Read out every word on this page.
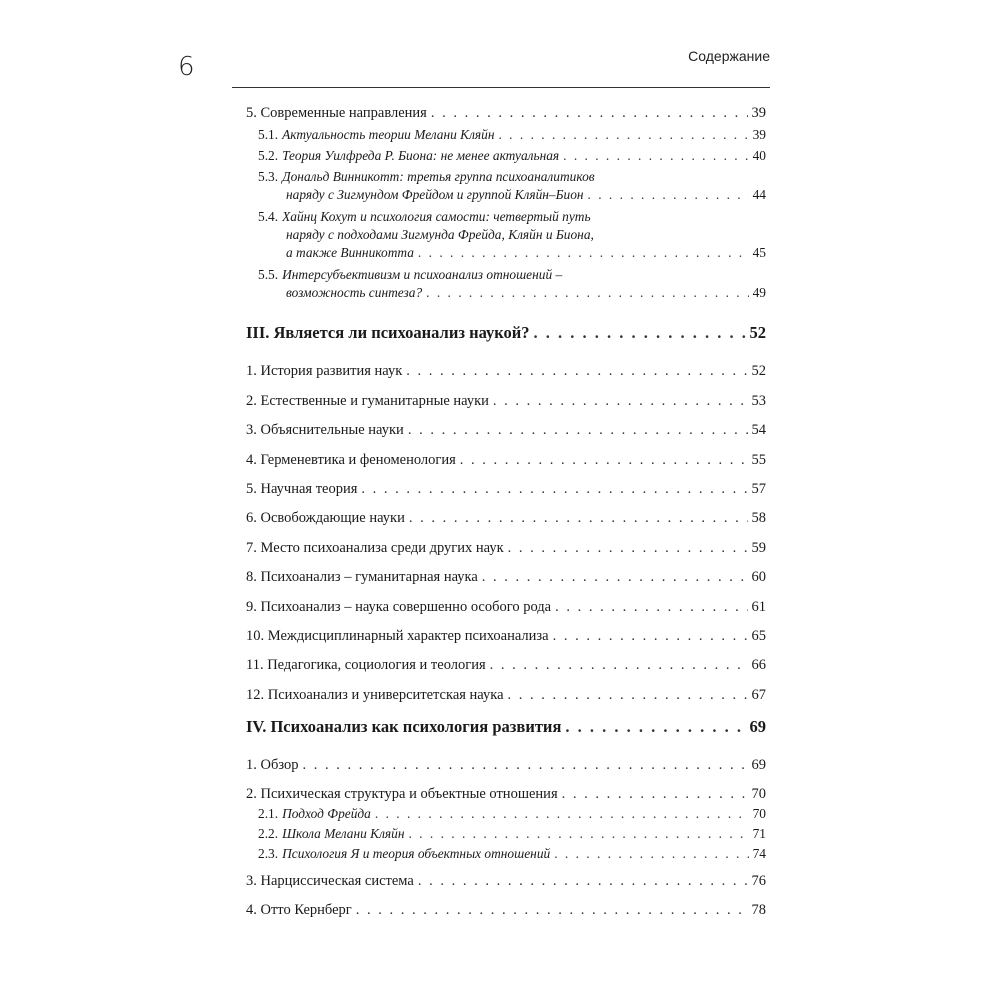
6	Содержание
5.
Современные направления . . .	39
5.1. Актуальность теории Мелани Кляйн . . .	39
5.2. Теория Уилфреда Р. Биона: не менее актуальная . . .	40
5.3. Дональд Винникотт: третья группа психоаналитиков
наряду с Зигмундом Фрейдом и группой Кляйн–Бион . . .	44
5.4. Хайнц Кохут и психология самости: четвертый путь
наряду с подходами Зигмунда Фрейда, Кляйн и Биона,
а также Винникотта . . .	45
5.5. Интерсубъективизм и психоанализ отношений –
возможность синтеза? . . .	49
III. Является ли психоанализ наукой? . . .	52
1. История развития наук . . .	52
2. Естественные и гуманитарные науки . . .	53
3. Объяснительные науки . . .	54
4. Герменевтика и феноменология . . .	55
5. Научная теория . . .	57
6. Освобождающие науки . . .	58
7. Место психоанализа среди других наук . . .	59
8. Психоанализ – гуманитарная наука . . .	60
9. Психоанализ – наука совершенно особого рода . . .	61
10. Междисциплинарный характер психоанализа . . .	65
11. Педагогика, социология и теология . . .	66
12. Психоанализ и университетская наука . . .	67
IV. Психоанализ как психология развития . . .	69
1. Обзор . . .	69
2. Психическая структура и объектные отношения . . .	70
2.1. Подход Фрейда . . .	70
2.2. Школа Мелани Кляйн . . .	71
2.3. Психология Я и теория объектных отношений . . .	74
3. Нарциссическая система . . .	76
4. Отто Кернберг . . .	78
